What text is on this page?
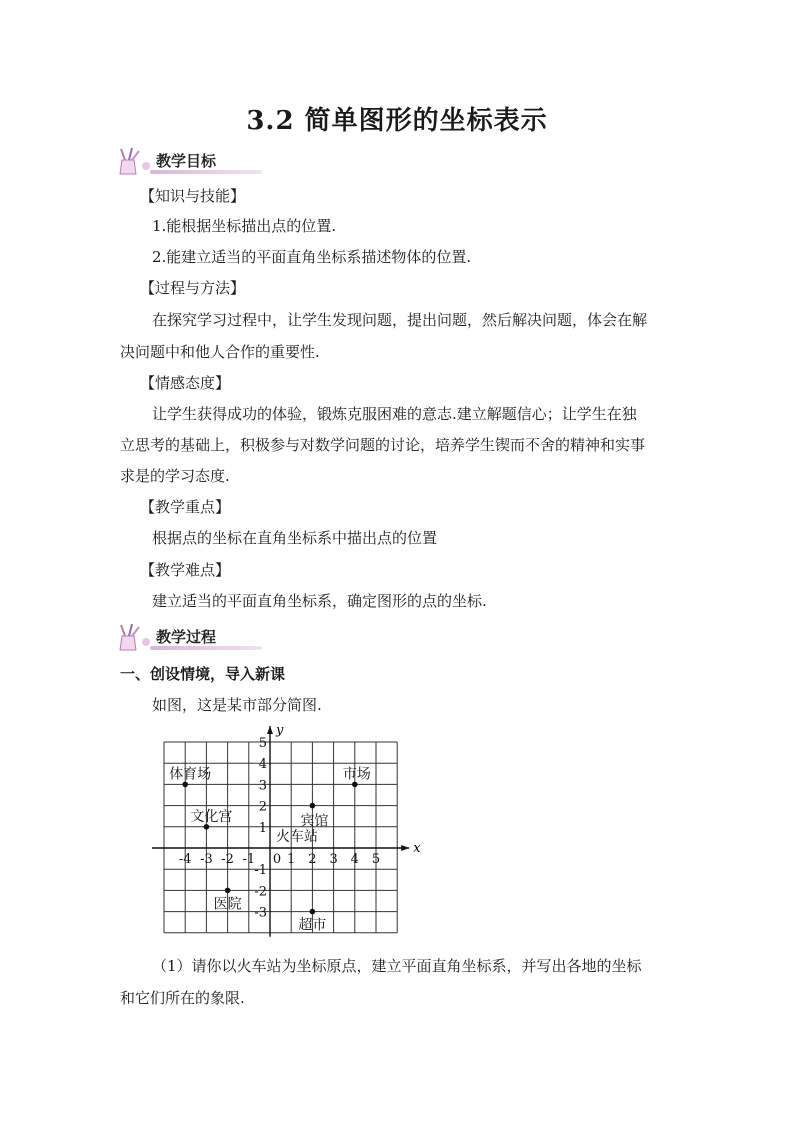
3.2 简单图形的坐标表示
教学目标
【知识与技能】
1.能根据坐标描出点的位置.
2.能建立适当的平面直角坐标系描述物体的位置.
【过程与方法】
在探究学习过程中，让学生发现问题，提出问题，然后解决问题，体会在解
决问题中和他人合作的重要性.
【情感态度】
让学生获得成功的体验，锻炼克服困难的意志.建立解题信心；让学生在独
立思考的基础上，积极参与对数学问题的讨论，培养学生锲而不舍的精神和实事
求是的学习态度.
【教学重点】
根据点的坐标在直角坐标系中描出点的位置
【教学难点】
建立适当的平面直角坐标系，确定图形的点的坐标.
教学过程
一、创设情境，导入新课
如图，这是某市部分简图.
x
y
-4 -3 -2 -1 0 1 2 3 4 5
5
4
3
2
1
-1
-2
-3
体育场
文化宫
医院
宾馆
市场
超市
火车站
（1）请你以火车站为坐标原点，建立平面直角坐标系，并写出各地的坐标
和它们所在的象限.
